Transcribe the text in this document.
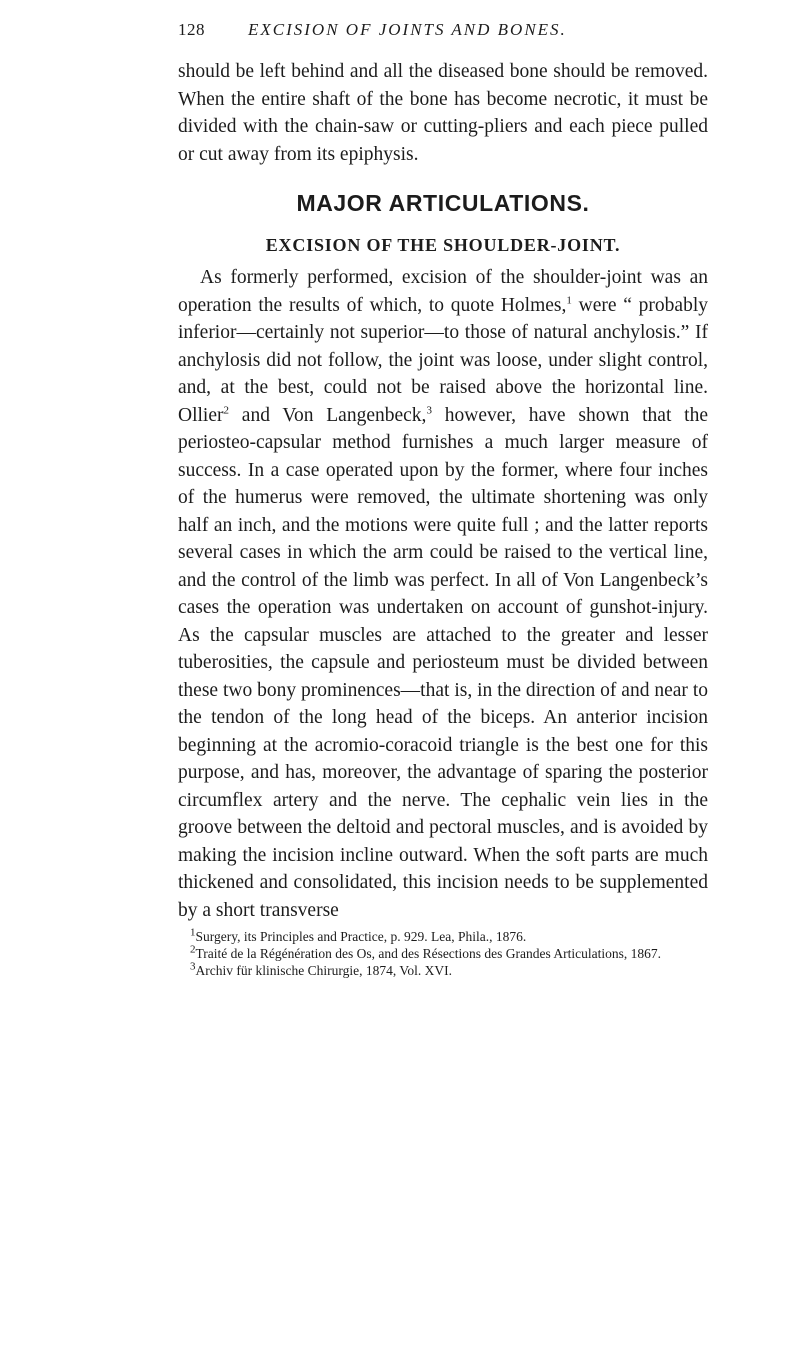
128	EXCISION OF JOINTS AND BONES.

should be left behind and all the diseased bone should be removed. When the entire shaft of the bone has become necrotic, it must be divided with the chain-saw or cutting-pliers and each piece pulled or cut away from its epiphysis.

MAJOR ARTICULATIONS.
EXCISION OF THE SHOULDER-JOINT.

As formerly performed, excision of the shoulder-joint was an operation the results of which, to quote Holmes,$^1$ were “ probably inferior—certainly not superior—to those of natural anchylosis.” If anchylosis did not follow, the joint was loose, under slight control, and, at the best, could not be raised above the horizontal line. Ollier$^2$ and Von Langenbeck,$^3$ however, have shown that the periosteo-capsular method furnishes a much larger measure of success. In a case operated upon by the former, where four inches of the humerus were removed, the ultimate shortening was only half an inch, and the motions were quite full ; and the latter reports several cases in which the arm could be raised to the vertical line, and the control of the limb was perfect. In all of Von Langenbeck’s cases the operation was undertaken on account of gunshot-injury. As the capsular muscles are attached to the greater and lesser tuberosities, the capsule and periosteum must be divided between these two bony prominences—that is, in the direction of and near to the tendon of the long head of the biceps. An anterior incision beginning at the acromio-coracoid triangle is the best one for this purpose, and has, moreover, the advantage of sparing the posterior circumflex artery and the nerve. The cephalic vein lies in the groove between the deltoid and pectoral muscles, and is avoided by making the incision incline outward. When the soft parts are much thickened and consolidated, this incision needs to be supplemented by a short transverse

$^1$Surgery, its Principles and Practice, p. 929. Lea, Phila., 1876.

$^2$Traité de la Régénération des Os, and des Résections des Grandes Articulations, 1867.

$^3$Archiv für klinische Chirurgie, 1874, Vol. XVI.
